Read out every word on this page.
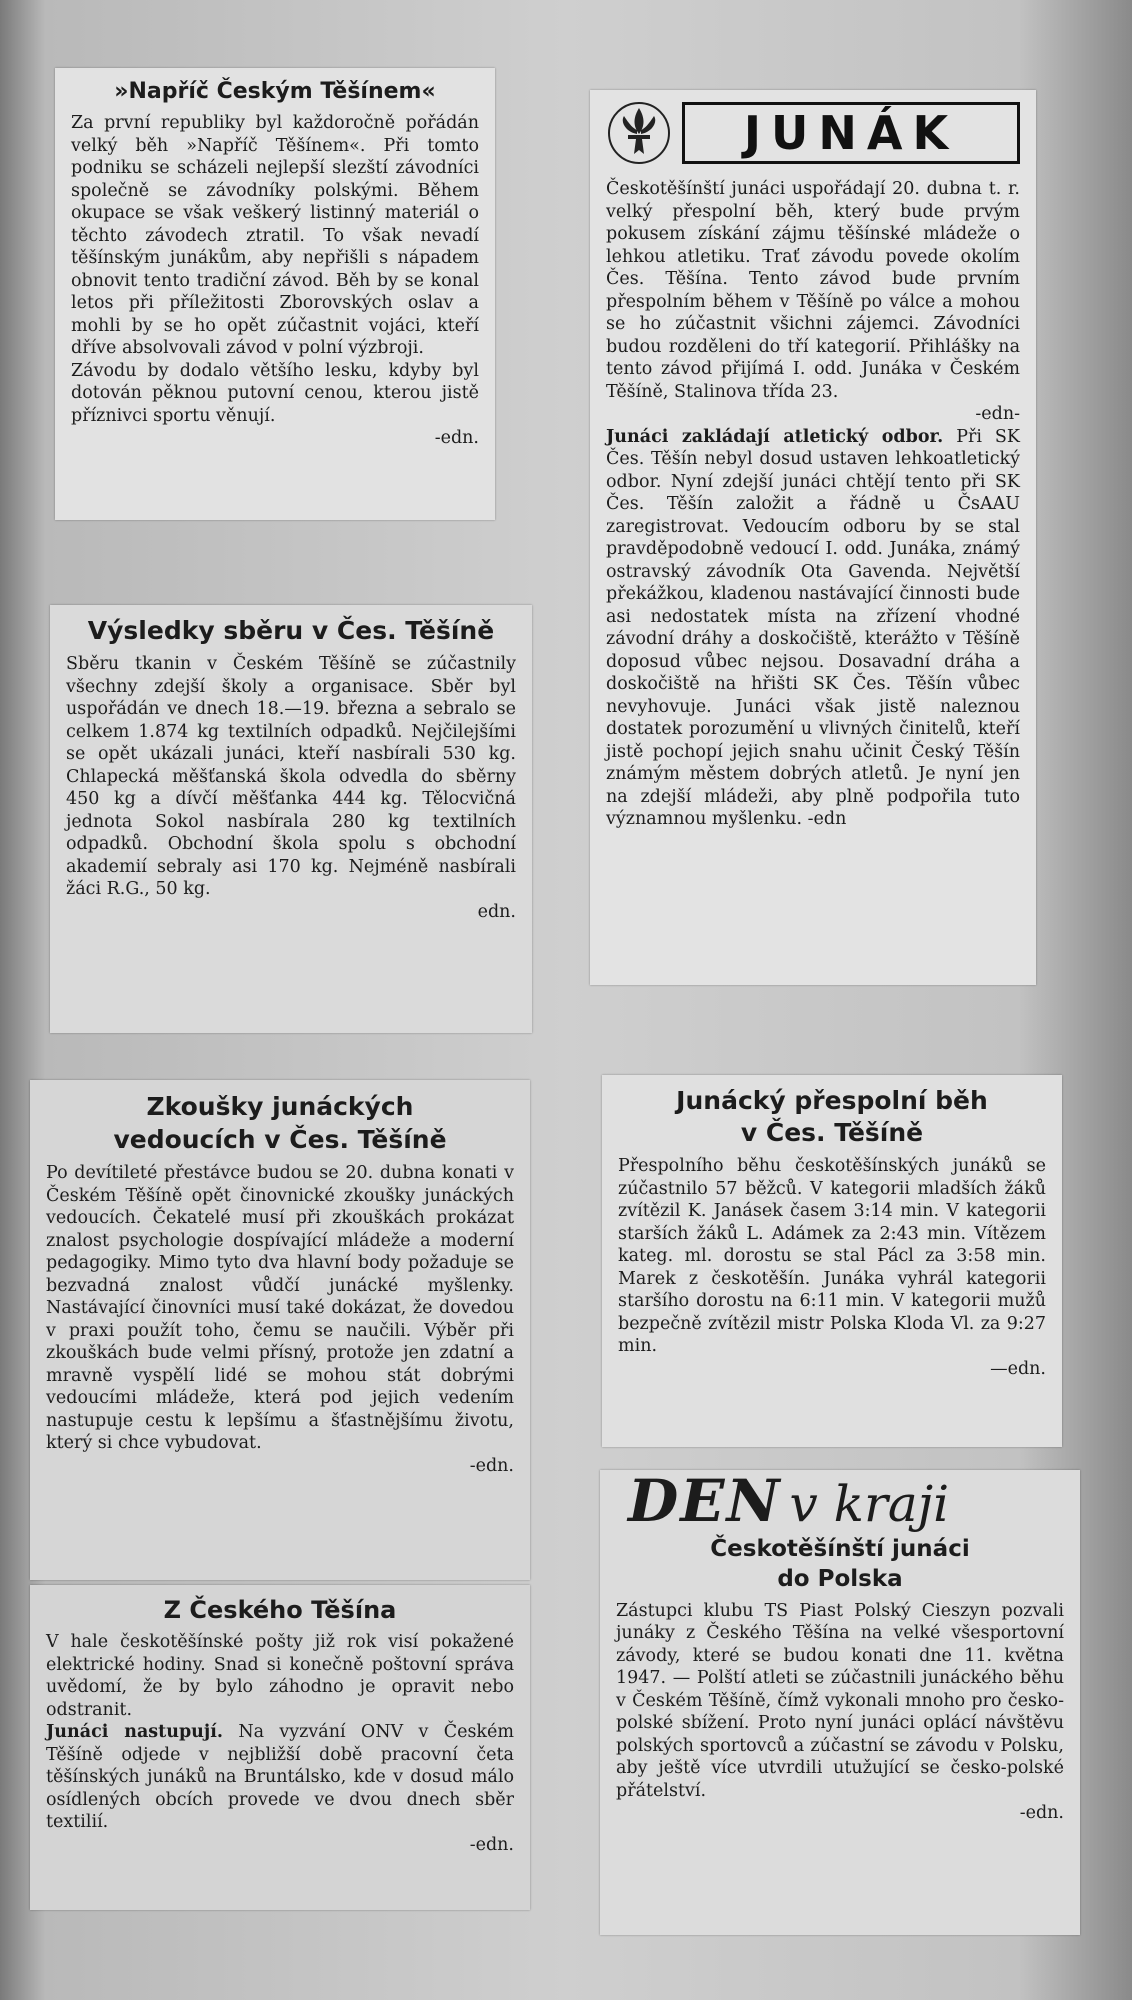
»Napříč Českým Těšínem«

Za první republiky byl každoročně pořádán velký běh »Napříč Těšínem«. Při tomto podniku se scházeli nejlepší slezští závodníci společně se závodníky polskými. Během okupace se však veškerý listinný materiál o těchto závodech ztratil. To však nevadí těšínským junákům, aby nepřišli s nápadem obnovit tento tradiční závod. Běh by se konal letos při příležitosti Zborovských oslav a mohli by se ho opět zúčastnit vojáci, kteří dříve absolvovali závod v polní výzbroji.

Závodu by dodalo většího lesku, kdyby byl dotován pěknou putovní cenou, kterou jistě příznivci sportu věnují.

-edn.

JUNÁK

Českotěšínští junáci uspořádají 20. dubna t. r. velký přespolní běh, který bude prvým pokusem získání zájmu těšínské mládeže o lehkou atletiku. Trať závodu povede okolím Čes. Těšína. Tento závod bude prvním přespolním během v Těšíně po válce a mohou se ho zúčastnit všichni zájemci. Závodníci budou rozděleni do tří kategorií. Přihlášky na tento závod přijímá I. odd. Junáka v Českém Těšíně, Stalinova třída 23.

-edn-

Junáci zakládají atletický odbor. Při SK Čes. Těšín nebyl dosud ustaven lehkoatletický odbor. Nyní zdejší junáci chtějí tento při SK Čes. Těšín založit a řádně u ČsAAU zaregistrovat. Vedoucím odboru by se stal pravděpodobně vedoucí I. odd. Junáka, známý ostravský závodník Ota Gavenda. Největší překážkou, kladenou nastávající činnosti bude asi nedostatek místa na zřízení vhodné závodní dráhy a doskočiště, kterážto v Těšíně doposud vůbec nejsou. Dosavadní dráha a doskočiště na hřišti SK Čes. Těšín vůbec nevyhovuje. Junáci však jistě naleznou dostatek porozumění u vlivných činitelů, kteří jistě pochopí jejich snahu učinit Český Těšín známým městem dobrých atletů. Je nyní jen na zdejší mládeži, aby plně podpořila tuto významnou myšlenku. -edn

Výsledky sběru v Čes. Těšíně

Sběru tkanin v Českém Těšíně se zúčastnily všechny zdejší školy a organisace. Sběr byl uspořádán ve dnech 18.—19. března a sebralo se celkem 1.874 kg textilních odpadků. Nejčilejšími se opět ukázali junáci, kteří nasbírali 530 kg. Chlapecká měšťanská škola odvedla do sběrny 450 kg a dívčí měšťanka 444 kg. Tělocvičná jednota Sokol nasbírala 280 kg textilních odpadků. Obchodní škola spolu s obchodní akademií sebraly asi 170 kg. Nejméně nasbírali žáci R.G., 50 kg.

edn.

Zkoušky junáckých
vedoucích v Čes. Těšíně

Po devítileté přestávce budou se 20. dubna konati v Českém Těšíně opět činovnické zkoušky junáckých vedoucích. Čekatelé musí při zkouškách prokázat znalost psychologie dospívající mládeže a moderní pedagogiky. Mimo tyto dva hlavní body požaduje se bezvadná znalost vůdčí junácké myšlenky. Nastávající činovníci musí také dokázat, že dovedou v praxi použít toho, čemu se naučili. Výběr při zkouškách bude velmi přísný, protože jen zdatní a mravně vyspělí lidé se mohou stát dobrými vedoucími mládeže, která pod jejich vedením nastupuje cestu k lepšímu a šťastnějšímu životu, který si chce vybudovat.

-edn.

Z Českého Těšína

V hale českotěšínské pošty již rok visí pokažené elektrické hodiny. Snad si konečně poštovní správa uvědomí, že by bylo záhodno je opravit nebo odstranit.

Junáci nastupují. Na vyzvání ONV v Českém Těšíně odjede v nejbližší době pracovní četa těšínských junáků na Bruntálsko, kde v dosud málo osídlených obcích provede ve dvou dnech sběr textilií.

-edn.

Junácký přespolní běh
v Čes. Těšíně

Přespolního běhu českotěšínských junáků se zúčastnilo 57 běžců. V kategorii mladších žáků zvítězil K. Janásek časem 3:14 min. V kategorii starších žáků L. Adámek za 2:43 min. Vítězem kateg. ml. dorostu se stal Pácl za 3:58 min. Marek z českotěšín. Junáka vyhrál kategorii staršího dorostu na 6:11 min. V kategorii mužů bezpečně zvítězil mistr Polska Kloda Vl. za 9:27 min.

—edn.

DEN v kraji

Českotěšínští junáci
do Polska

Zástupci klubu TS Piast Polský Cieszyn pozvali junáky z Českého Těšína na velké všesportovní závody, které se budou konati dne 11. května 1947. — Polští atleti se zúčastnili junáckého běhu v Českém Těšíně, čímž vykonali mnoho pro česko-polské sbížení. Proto nyní junáci oplácí návštěvu polských sportovců a zúčastní se závodu v Polsku, aby ještě více utvrdili utužující se česko-polské přátelství.

-edn.
